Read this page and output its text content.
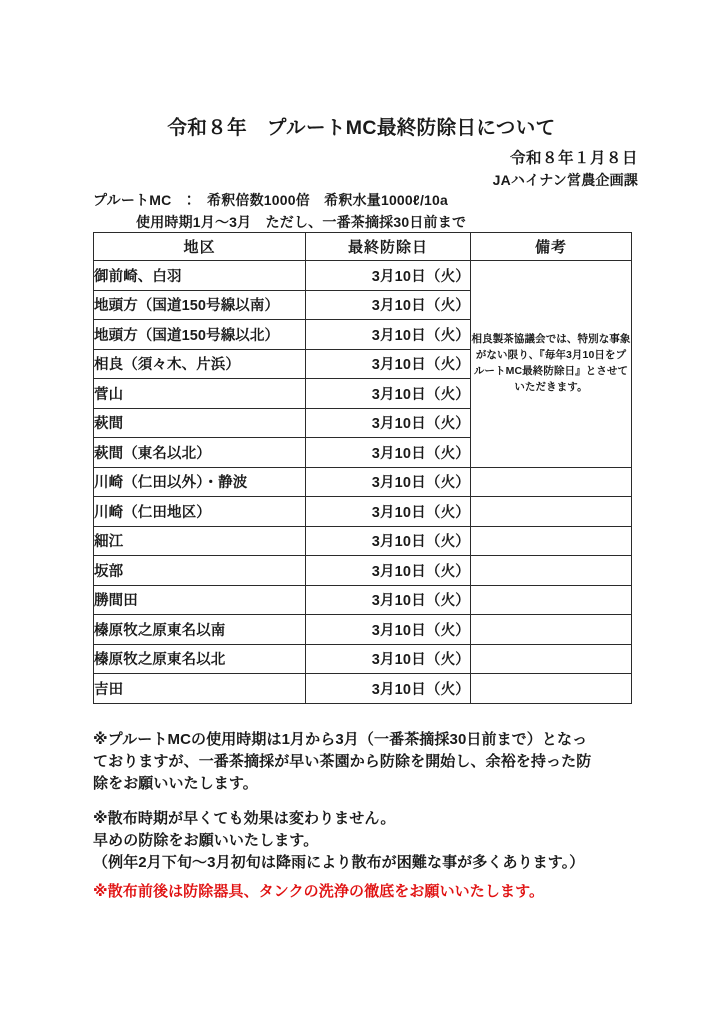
令和８年　プルートMC最終防除日について
令和８年１月８日
JAハイナン営農企画課
プルートMC　：　希釈倍数1000倍　希釈水量1000ℓ/10a
使用時期1月～3月　ただし、一番茶摘採30日前まで
地区	最終防除日	備考
御前崎、白羽	3月10日（火）	相良製茶協議会では、特別な事象がない限り、『毎年3月10日をプルートMC最終防除日』とさせていただきます。
地頭方（国道150号線以南）	3月10日（火）	
地頭方（国道150号線以北）	3月10日（火）	
相良（須々木、片浜）	3月10日（火）	
菅山	3月10日（火）	
萩間	3月10日（火）	
萩間（東名以北）	3月10日（火）	
川崎（仁田以外）・静波	3月10日（火）	
川崎（仁田地区）	3月10日（火）	
細江	3月10日（火）	
坂部	3月10日（火）	
勝間田	3月10日（火）	
榛原牧之原東名以南	3月10日（火）	
榛原牧之原東名以北	3月10日（火）	
吉田	3月10日（火）	

※プルートMCの使用時期は1月から3月（一番茶摘採30日前まで）となっ

ておりますが、一番茶摘採が早い茶園から防除を開始し、余裕を持った防

除をお願いいたします。

※散布時期が早くても効果は変わりません。

早めの防除をお願いいたします。

（例年2月下旬～3月初旬は降雨により散布が困難な事が多くあります。）

※散布前後は防除器具、タンクの洗浄の徹底をお願いいたします。
